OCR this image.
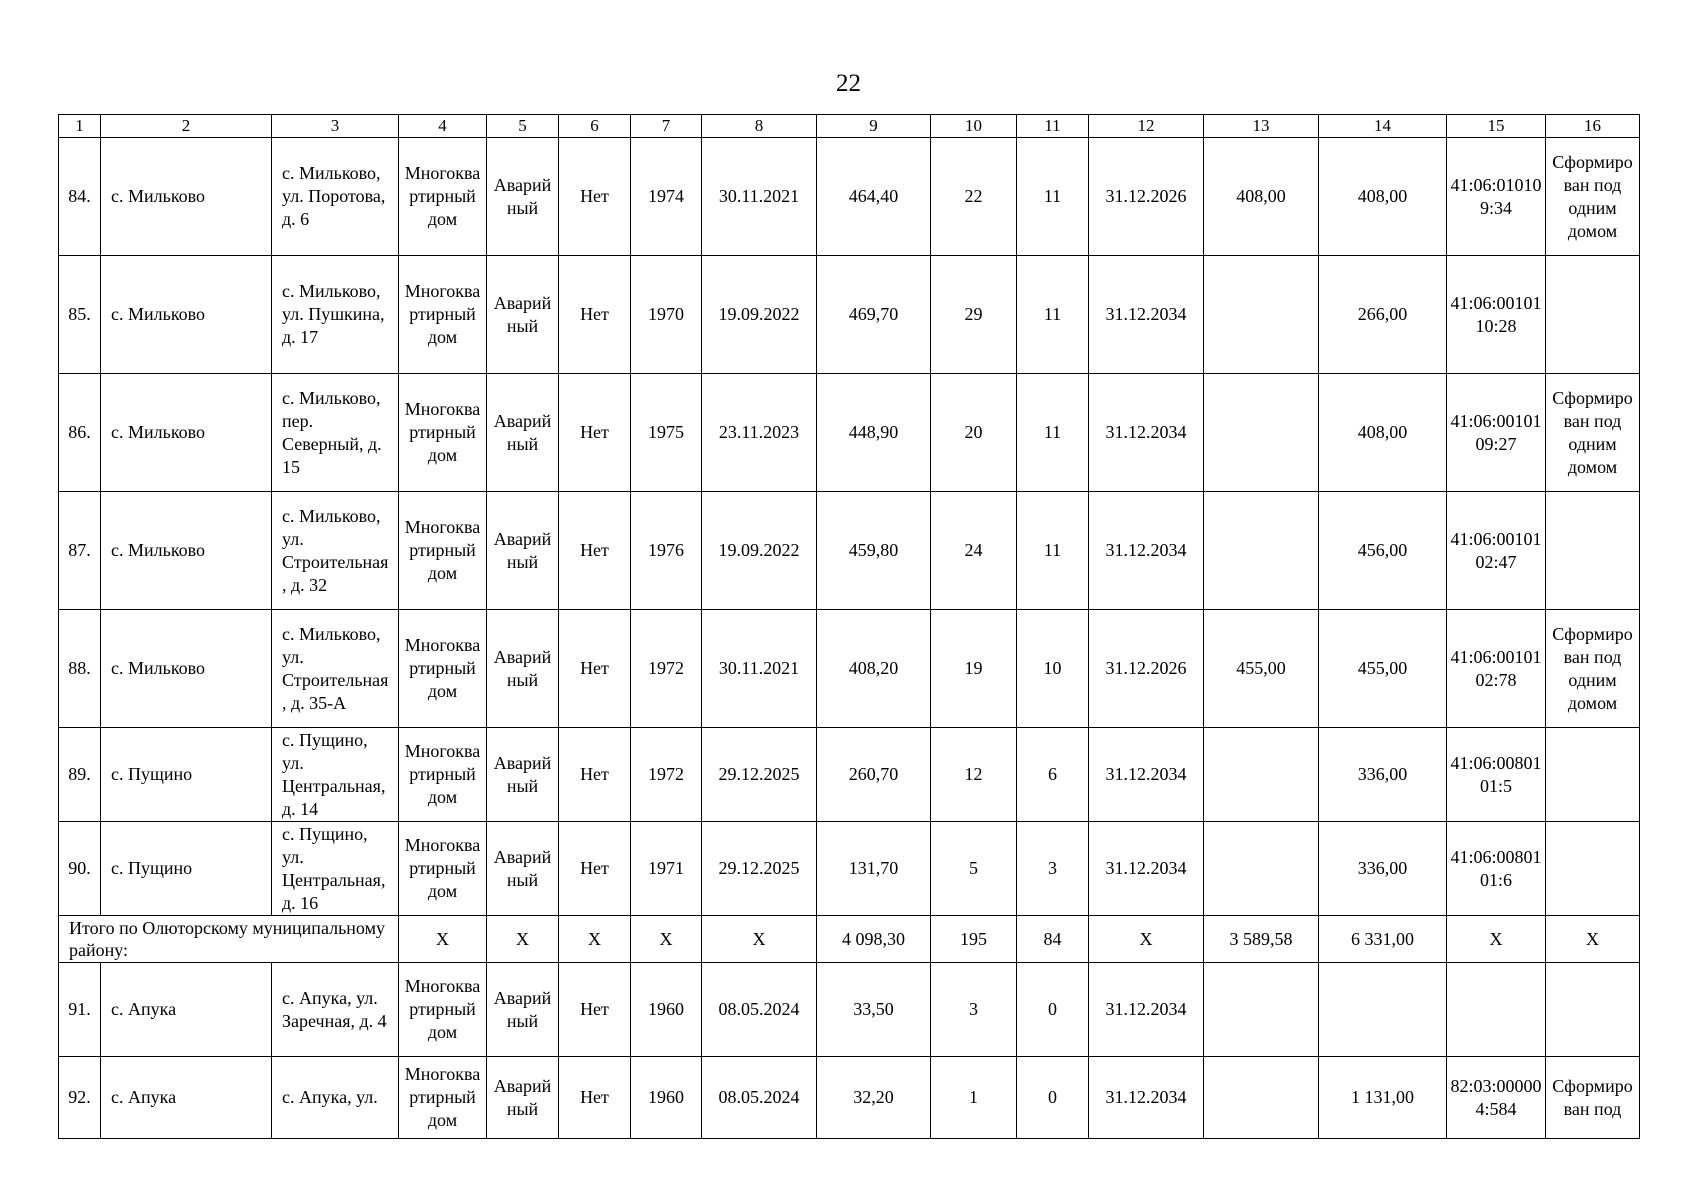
22
1	2	3	4	5	6	7	8	9	10	11	12	13	14	15	16
84.	с. Мильково	с. Мильково, ул. Поротова, д. 6	Многоквартирный дом	Аварийный	Нет	1974	30.11.2021	464,40	22	11	31.12.2026	408,00	408,00	41:06:010109:34	Сформирован под одним домом
85.	с. Мильково	с. Мильково, ул. Пушкина, д. 17	Многоквартирный дом	Аварийный	Нет	1970	19.09.2022	469,70	29	11	31.12.2034		266,00	41:06:0010110:28	
86.	с. Мильково	с. Мильково, пер. Северный, д. 15	Многоквартирный дом	Аварийный	Нет	1975	23.11.2023	448,90	20	11	31.12.2034		408,00	41:06:0010109:27	Сформирован под одним домом
87.	с. Мильково	с. Мильково, ул. Строительная, д. 32	Многоквартирный дом	Аварийный	Нет	1976	19.09.2022	459,80	24	11	31.12.2034		456,00	41:06:0010102:47	
88.	с. Мильково	с. Мильково, ул. Строительная, д. 35-А	Многоквартирный дом	Аварийный	Нет	1972	30.11.2021	408,20	19	10	31.12.2026	455,00	455,00	41:06:0010102:78	Сформирован под одним домом
89.	с. Пущино	с. Пущино, ул. Центральная, д. 14	Многоквартирный дом	Аварийный	Нет	1972	29.12.2025	260,70	12	6	31.12.2034		336,00	41:06:0080101:5	
90.	с. Пущино	с. Пущино, ул. Центральная, д. 16	Многоквартирный дом	Аварийный	Нет	1971	29.12.2025	131,70	5	3	31.12.2034		336,00	41:06:0080101:6	
Итого по Олюторскому муниципальному району:			Х	Х	Х	Х	Х	4 098,30	195	84	Х	3 589,58	6 331,00	Х	Х
91.	с. Апука	с. Апука, ул. Заречная, д. 4	Многоквартирный дом	Аварийный	Нет	1960	08.05.2024	33,50	3	0	31.12.2034				
92.	с. Апука	с. Апука, ул.	Многоквартирный дом	Аварийный	Нет	1960	08.05.2024	32,20	1	0	31.12.2034		1 131,00	82:03:000004:584	Сформирован под
